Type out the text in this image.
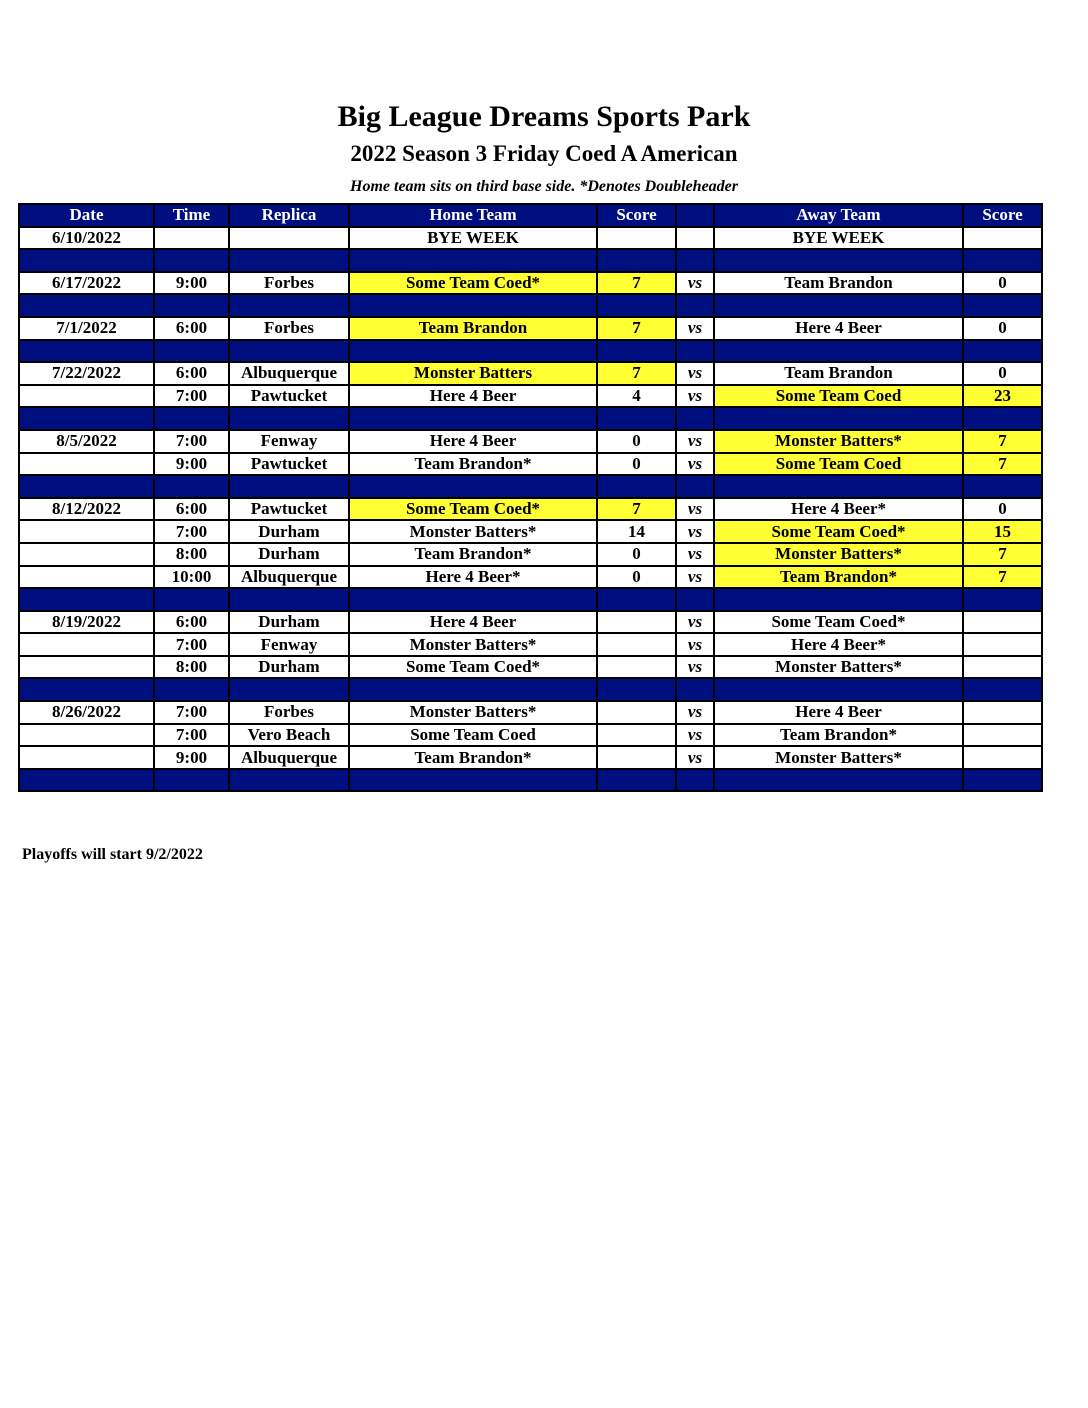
Big League Dreams Sports Park
2022 Season 3 Friday Coed A American
Home team sits on third base side. *Denotes Doubleheader
Date	Time	Replica	Home Team	Score		Away Team	Score
6/10/2022			BYE WEEK			BYE WEEK	

6/17/2022	9:00	Forbes	Some Team Coed*	7	vs	Team Brandon	0

7/1/2022	6:00	Forbes	Team Brandon	7	vs	Here 4 Beer	0

7/22/2022	6:00	Albuquerque	Monster Batters	7	vs	Team Brandon	0
	7:00	Pawtucket	Here 4 Beer	4	vs	Some Team Coed	23

8/5/2022	7:00	Fenway	Here 4 Beer	0	vs	Monster Batters*	7
	9:00	Pawtucket	Team Brandon*	0	vs	Some Team Coed	7

8/12/2022	6:00	Pawtucket	Some Team Coed*	7	vs	Here 4 Beer*	0
	7:00	Durham	Monster Batters*	14	vs	Some Team Coed*	15
	8:00	Durham	Team Brandon*	0	vs	Monster Batters*	7
	10:00	Albuquerque	Here 4 Beer*	0	vs	Team Brandon*	7

8/19/2022	6:00	Durham	Here 4 Beer		vs	Some Team Coed*	
	7:00	Fenway	Monster Batters*		vs	Here 4 Beer*	
	8:00	Durham	Some Team Coed*		vs	Monster Batters*	

8/26/2022	7:00	Forbes	Monster Batters*		vs	Here 4 Beer	
	7:00	Vero Beach	Some Team Coed		vs	Team Brandon*	
	9:00	Albuquerque	Team Brandon*		vs	Monster Batters*	

Playoffs will start 9/2/2022
